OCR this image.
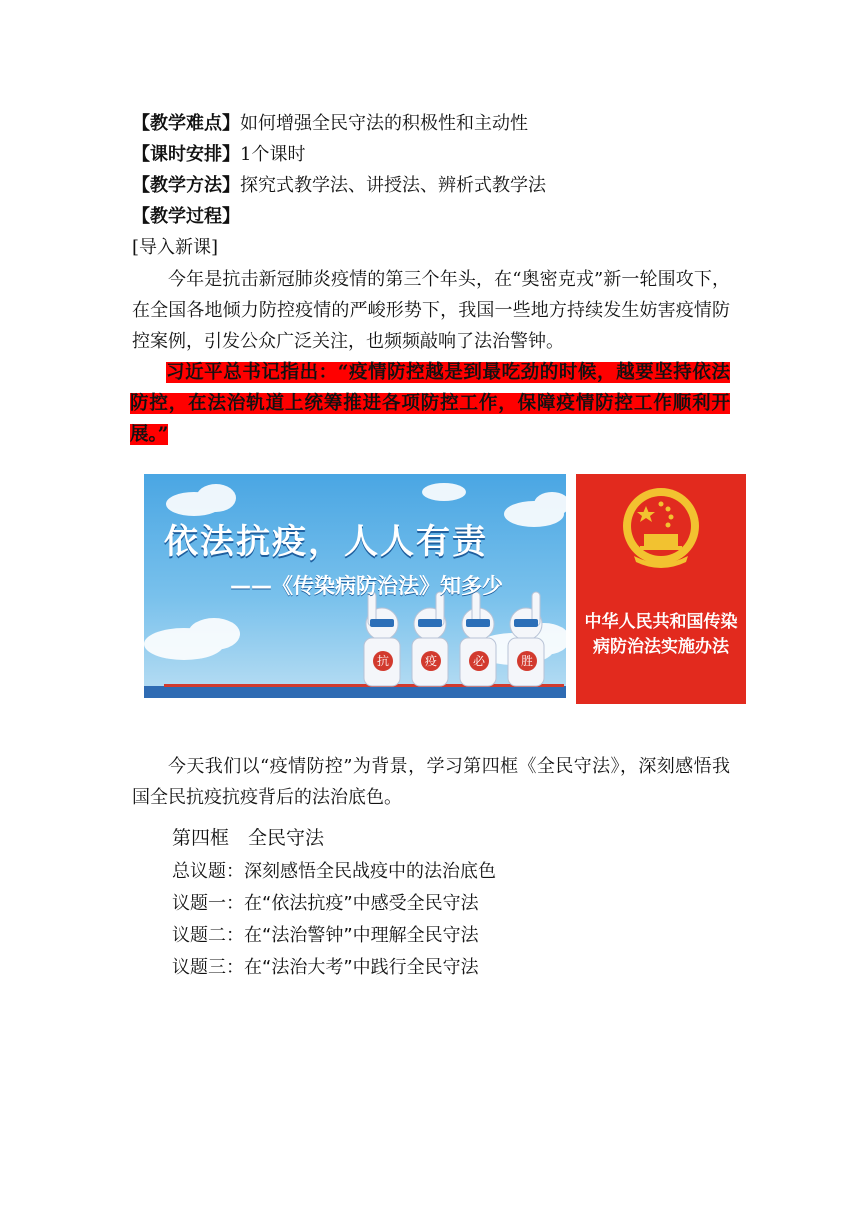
【教学难点】如何增强全民守法的积极性和主动性
【课时安排】1个课时
【教学方法】探究式教学法、讲授法、辨析式教学法
【教学过程】
[导入新课]
今年是抗击新冠肺炎疫情的第三个年头，在“奥密克戎”新一轮围攻下，在全国各地倾力防控疫情的严峻形势下，我国一些地方持续发生妨害疫情防控案例，引发公众广泛关注，也频频敲响了法治警钟。
习近平总书记指出：“疫情防控越是到最吃劲的时候，越要坚持依法防控，在法治轨道上统筹推进各项防控工作，保障疫情防控工作顺利开展。”
依法抗疫，人人有责
——《传染病防治法》知多少
抗	疫	必	胜
中华人民共和国传染
病防治法实施办法
今天我们以“疫情防控”为背景，学习第四框《全民守法》，深刻感悟我国全民抗疫抗疫背后的法治底色。
第四框　全民守法
总议题：深刻感悟全民战疫中的法治底色
议题一：在“依法抗疫”中感受全民守法
议题二：在“法治警钟”中理解全民守法
议题三：在“法治大考”中践行全民守法
